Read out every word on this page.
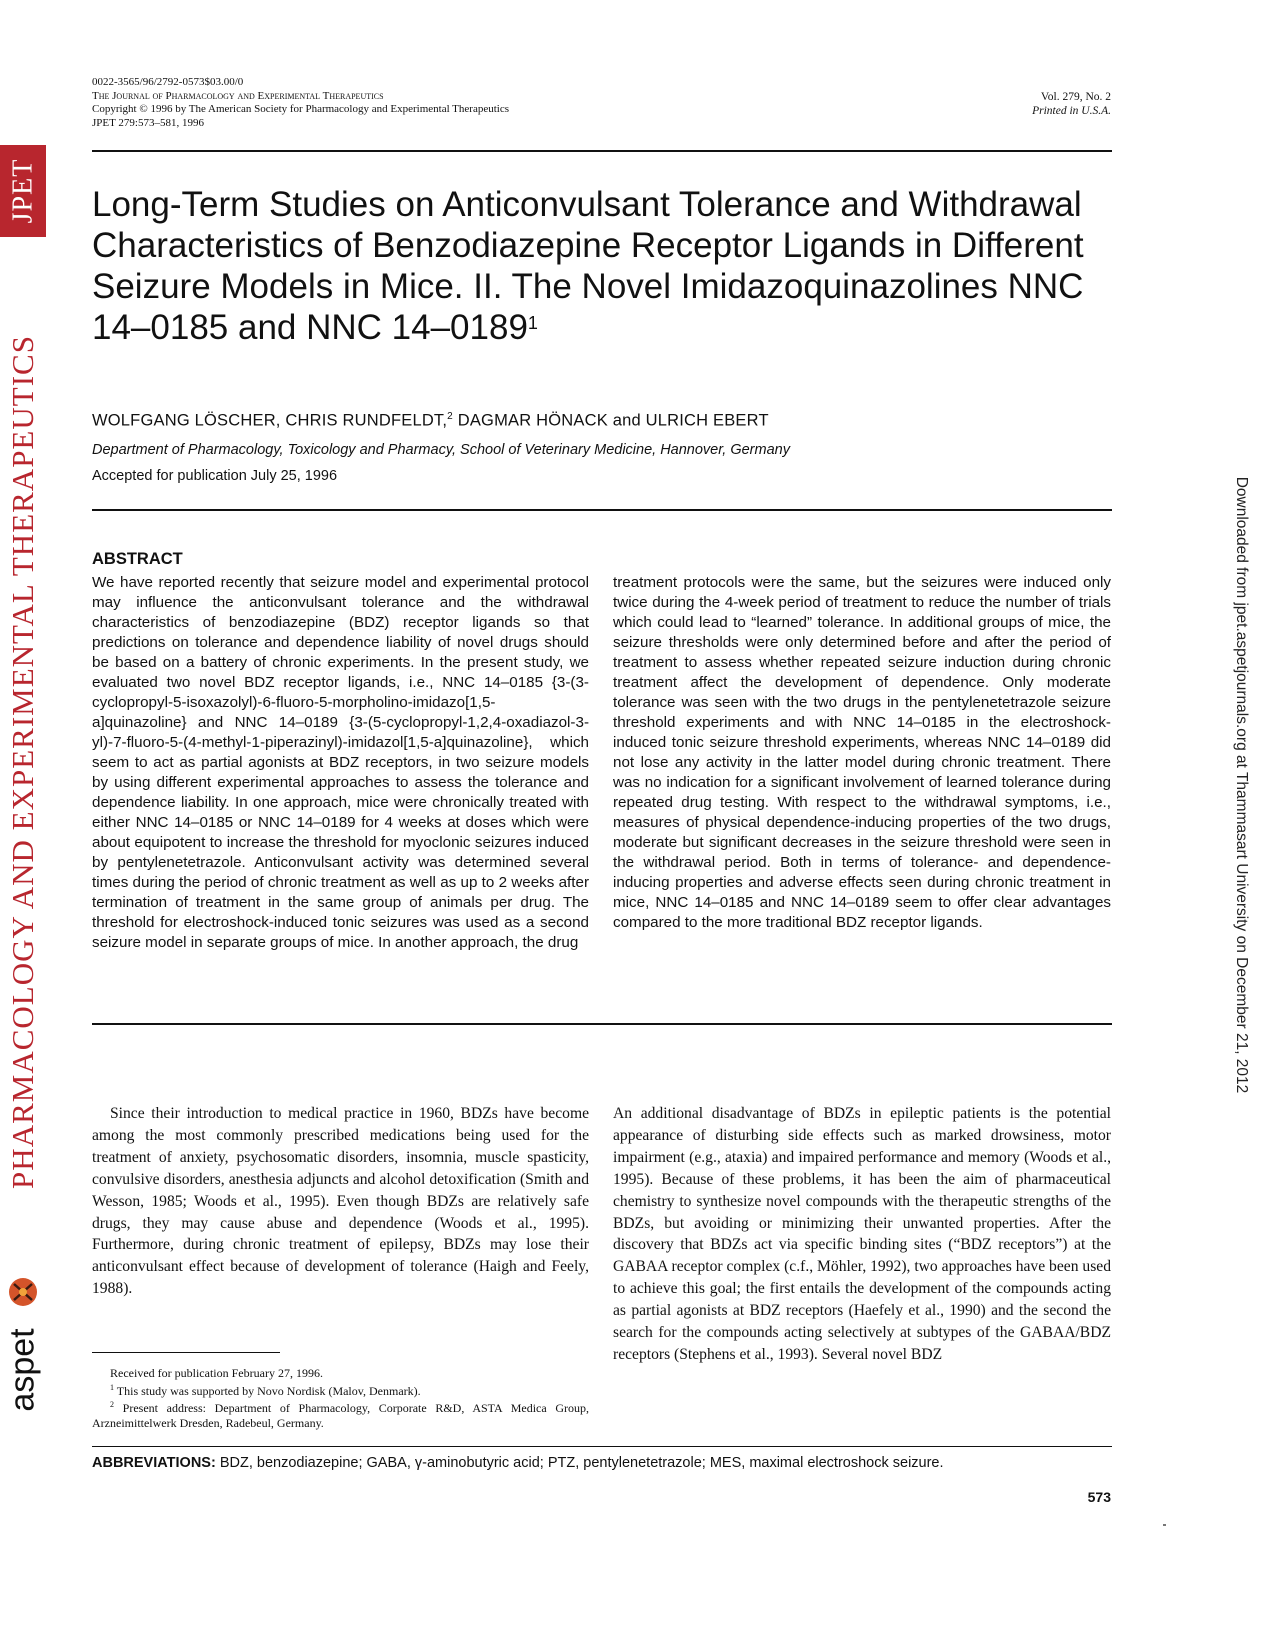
JPET
PHARMACOLOGY AND EXPERIMENTAL THERAPEUTICS
aspet
Downloaded from jpet.aspetjournals.org at Thammasart University on December 21, 2012
0022-3565/96/2792-0573$03.00/0
The Journal of Pharmacology and Experimental Therapeutics
Copyright © 1996 by The American Society for Pharmacology and Experimental Therapeutics
JPET 279:573–581, 1996
Vol. 279, No. 2
Printed in U.S.A.
Long-Term Studies on Anticonvulsant Tolerance and Withdrawal Characteristics of Benzodiazepine Receptor Ligands in Different Seizure Models in Mice. II. The Novel Imidazoquinazolines NNC 14–0185 and NNC 14–0189$^1$
WOLFGANG LÖSCHER, CHRIS RUNDFELDT,$^2$ DAGMAR HÖNACK and ULRICH EBERT
Department of Pharmacology, Toxicology and Pharmacy, School of Veterinary Medicine, Hannover, Germany
Accepted for publication July 25, 1996
ABSTRACT
We have reported recently that seizure model and experimental protocol may influence the anticonvulsant tolerance and the withdrawal characteristics of benzodiazepine (BDZ) receptor ligands so that predictions on tolerance and dependence liability of novel drugs should be based on a battery of chronic experiments. In the present study, we evaluated two novel BDZ receptor ligands, i.e., NNC 14–0185 {3-(3-cyclopropyl-5-isoxazolyl)-6-fluoro-5-morpholino-imidazo[1,5-a]quinazoline} and NNC 14–0189 {3-(5-cyclopropyl-1,2,4-oxadiazol-3-yl)-7-fluoro-5-(4-methyl-1-piperazinyl)-imidazol[1,5-a]quinazoline}, which seem to act as partial agonists at BDZ receptors, in two seizure models by using different experimental approaches to assess the tolerance and dependence liability. In one approach, mice were chronically treated with either NNC 14–0185 or NNC 14–0189 for 4 weeks at doses which were about equipotent to increase the threshold for myoclonic seizures induced by pentylenetetrazole. Anticonvulsant activity was determined several times during the period of chronic treatment as well as up to 2 weeks after termination of treatment in the same group of animals per drug. The threshold for electroshock-induced tonic seizures was used as a second seizure model in separate groups of mice. In another approach, the drug
treatment protocols were the same, but the seizures were induced only twice during the 4-week period of treatment to reduce the number of trials which could lead to “learned” tolerance. In additional groups of mice, the seizure thresholds were only determined before and after the period of treatment to assess whether repeated seizure induction during chronic treatment affect the development of dependence. Only moderate tolerance was seen with the two drugs in the pentylenetetrazole seizure threshold experiments and with NNC 14–0185 in the electroshock-induced tonic seizure threshold experiments, whereas NNC 14–0189 did not lose any activity in the latter model during chronic treatment. There was no indication for a significant involvement of learned tolerance during repeated drug testing. With respect to the withdrawal symptoms, i.e., measures of physical dependence-inducing properties of the two drugs, moderate but significant decreases in the seizure threshold were seen in the withdrawal period. Both in terms of tolerance- and dependence-inducing properties and adverse effects seen during chronic treatment in mice, NNC 14–0185 and NNC 14–0189 seem to offer clear advantages compared to the more traditional BDZ receptor ligands.
Since their introduction to medical practice in 1960, BDZs have become among the most commonly prescribed medications being used for the treatment of anxiety, psychosomatic disorders, insomnia, muscle spasticity, convulsive disorders, anesthesia adjuncts and alcohol detoxification (Smith and Wesson, 1985; Woods et al., 1995). Even though BDZs are relatively safe drugs, they may cause abuse and dependence (Woods et al., 1995). Furthermore, during chronic treatment of epilepsy, BDZs may lose their anticonvulsant effect because of development of tolerance (Haigh and Feely, 1988).
An additional disadvantage of BDZs in epileptic patients is the potential appearance of disturbing side effects such as marked drowsiness, motor impairment (e.g., ataxia) and impaired performance and memory (Woods et al., 1995). Because of these problems, it has been the aim of pharmaceutical chemistry to synthesize novel compounds with the therapeutic strengths of the BDZs, but avoiding or minimizing their unwanted properties. After the discovery that BDZs act via specific binding sites (“BDZ receptors”) at the GABAA receptor complex (c.f., Möhler, 1992), two approaches have been used to achieve this goal; the first entails the development of the compounds acting as partial agonists at BDZ receptors (Haefely et al., 1990) and the second the search for the compounds acting selectively at subtypes of the GABAA/BDZ receptors (Stephens et al., 1993). Several novel BDZ
Received for publication February 27, 1996.
$^1$ This study was supported by Novo Nordisk (Malov, Denmark).
$^2$ Present address: Department of Pharmacology, Corporate R&D, ASTA Medica Group, Arzneimittelwerk Dresden, Radebeul, Germany.
ABBREVIATIONS: BDZ, benzodiazepine; GABA, γ-aminobutyric acid; PTZ, pentylenetetrazole; MES, maximal electroshock seizure.
573
